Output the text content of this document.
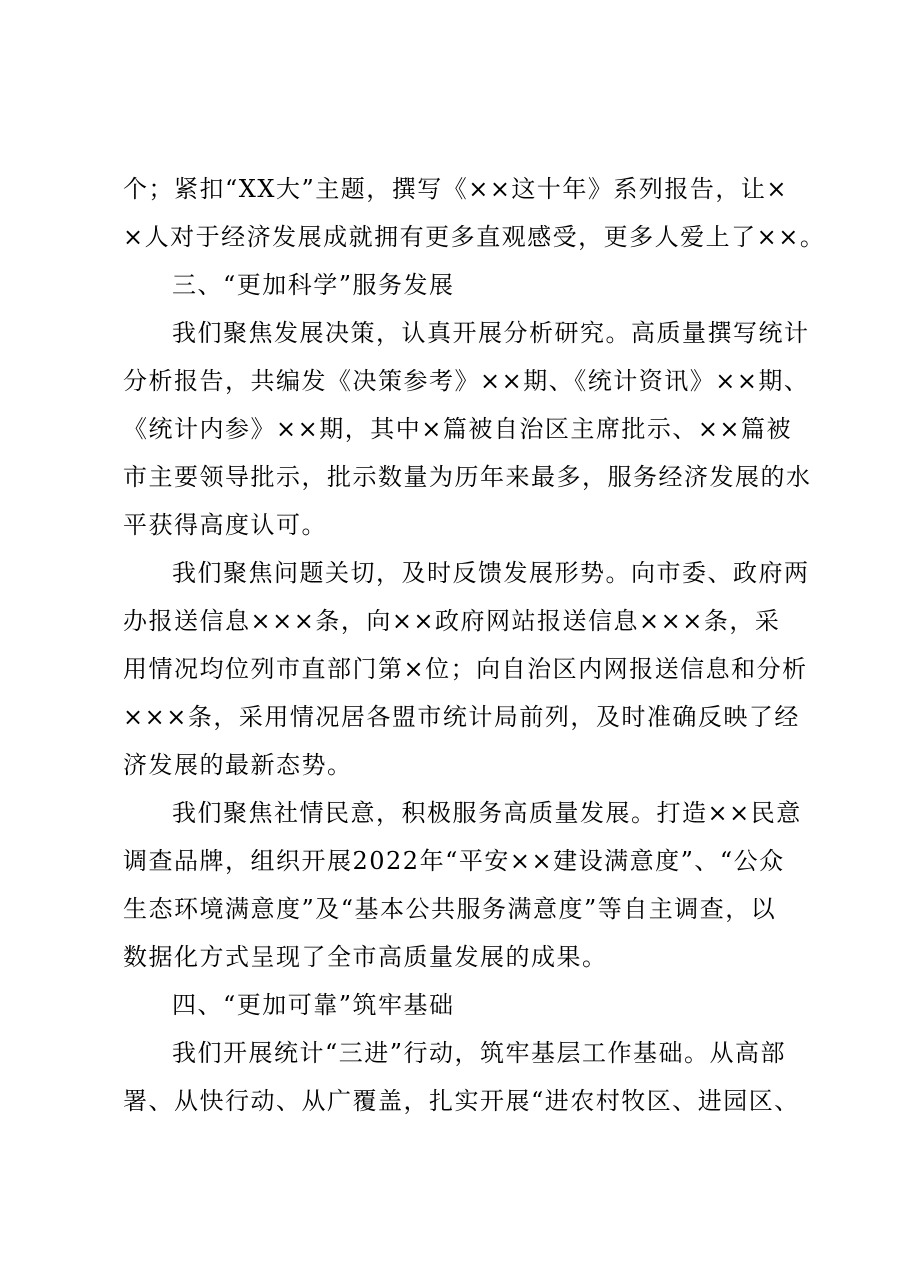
个；紧扣“XX大”主题，撰写《××这十年》系列报告，让×
×人对于经济发展成就拥有更多直观感受，更多人爱上了××。
三、“更加科学”服务发展
我们聚焦发展决策，认真开展分析研究。高质量撰写统计
分析报告，共编发《决策参考》××期、《统计资讯》××期、
《统计内参》××期，其中×篇被自治区主席批示、××篇被
市主要领导批示，批示数量为历年来最多，服务经济发展的水
平获得高度认可。
我们聚焦问题关切，及时反馈发展形势。向市委、政府两
办报送信息×××条，向××政府网站报送信息×××条，采
用情况均位列市直部门第×位；向自治区内网报送信息和分析
×××条，采用情况居各盟市统计局前列，及时准确反映了经
济发展的最新态势。
我们聚焦社情民意，积极服务高质量发展。打造××民意
调查品牌，组织开展2022年“平安××建设满意度”、“公众
生态环境满意度”及“基本公共服务满意度”等自主调查，以
数据化方式呈现了全市高质量发展的成果。
四、“更加可靠”筑牢基础
我们开展统计“三进”行动，筑牢基层工作基础。从高部
署、从快行动、从广覆盖，扎实开展“进农村牧区、进园区、
